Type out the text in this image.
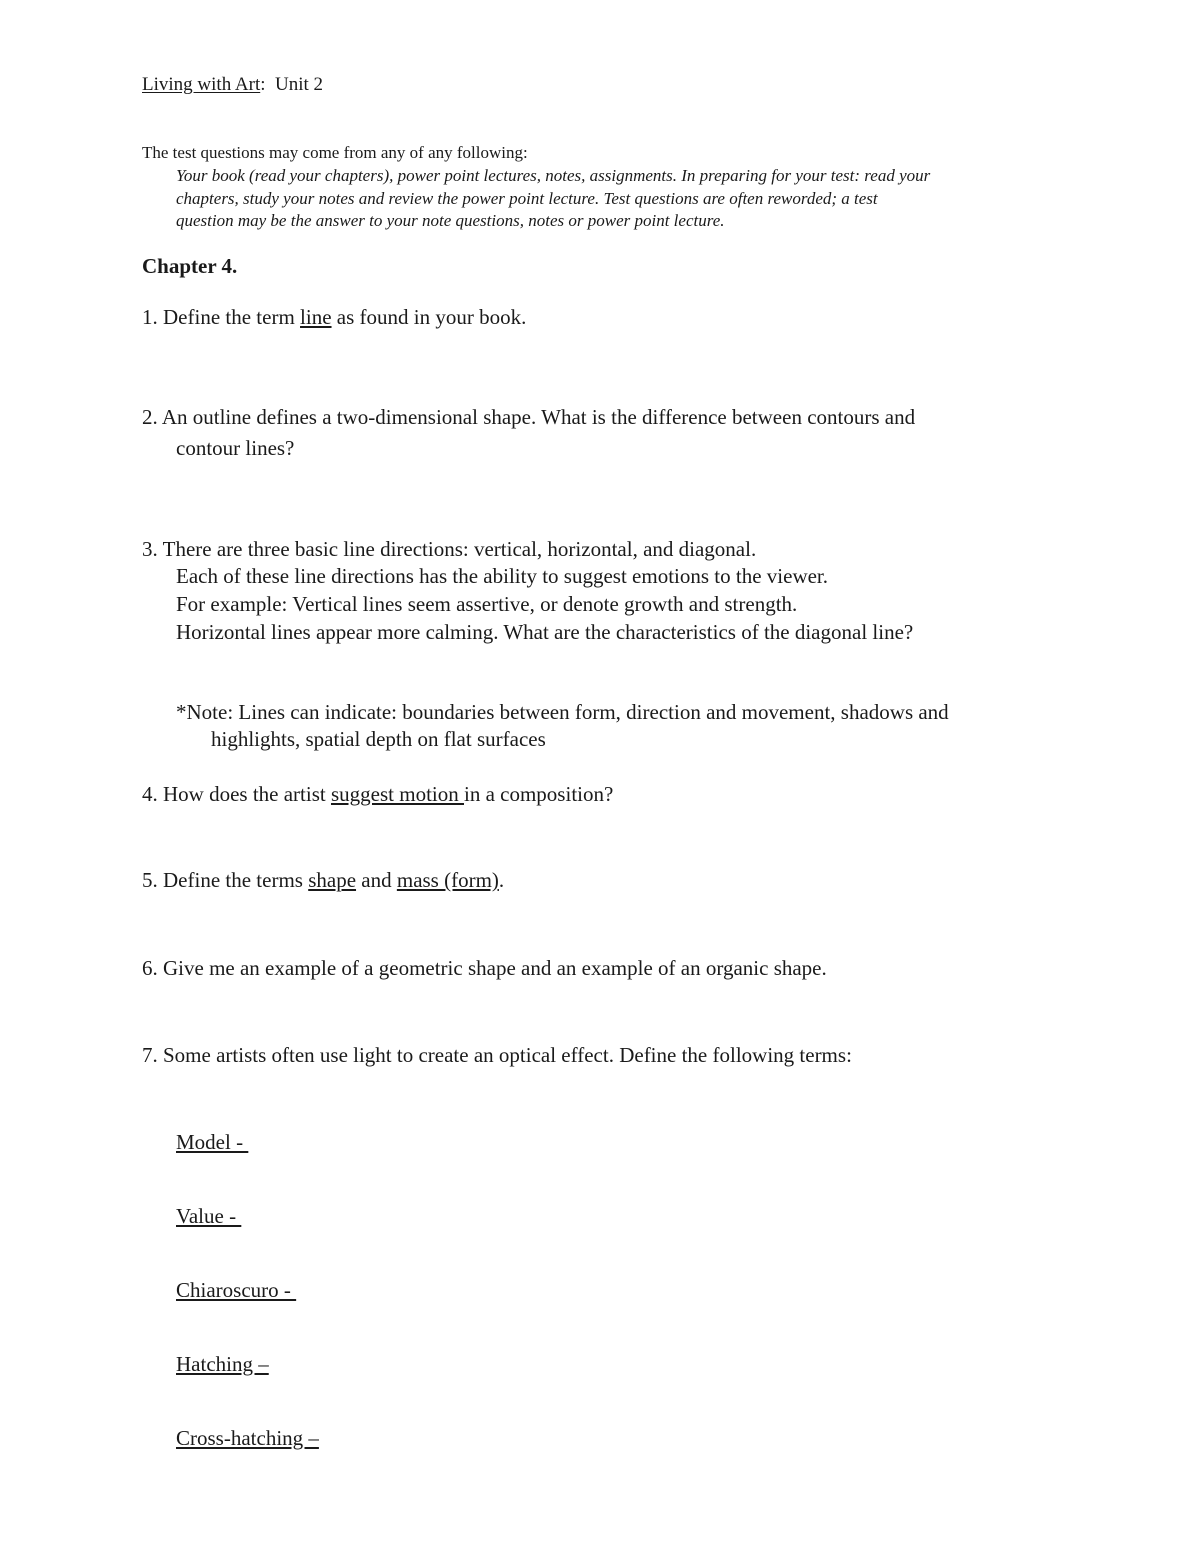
Living with Art: Unit 2
The test questions may come from any of any following:
Your book (read your chapters), power point lectures, notes, assignments. In preparing for your test: read your
chapters, study your notes and review the power point lecture. Test questions are often reworded; a test
question may be the answer to your note questions, notes or power point lecture.
Chapter 4.
1. Define the term line as found in your book.
2. An outline defines a two-dimensional shape. What is the difference between contours and
contour lines?
3. There are three basic line directions: vertical, horizontal, and diagonal.
Each of these line directions has the ability to suggest emotions to the viewer.
For example: Vertical lines seem assertive, or denote growth and strength.
Horizontal lines appear more calming. What are the characteristics of the diagonal line?
*Note: Lines can indicate: boundaries between form, direction and movement, shadows and
highlights, spatial depth on flat surfaces
4. How does the artist suggest motion in a composition?
5. Define the terms shape and mass (form).
6. Give me an example of a geometric shape and an example of an organic shape.
7. Some artists often use light to create an optical effect. Define the following terms:
Model -
Value -
Chiaroscuro -
Hatching –
Cross-hatching –
